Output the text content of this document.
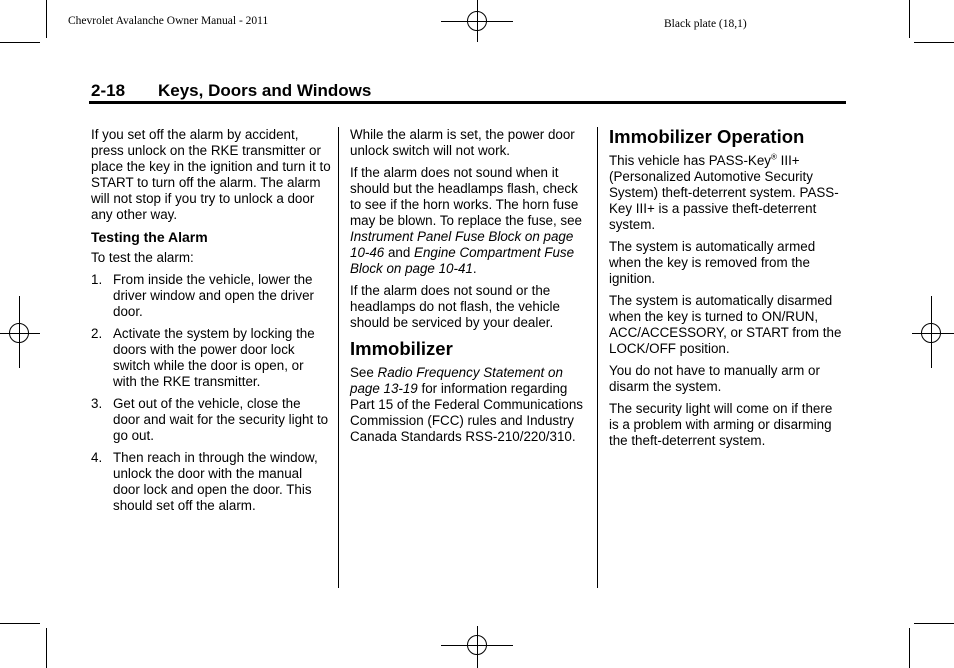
Chevrolet Avalanche Owner Manual - 2011	Black plate (18,1)
2-18 Keys, Doors and Windows

If you set off the alarm by accident, press unlock on the RKE transmitter or place the key in the ignition and turn it to START to turn off the alarm. The alarm will not stop if you try to unlock a door any other way.

Testing the Alarm

To test the alarm:

1. From inside the vehicle, lower the driver window and open the driver door.
2. Activate the system by locking the doors with the power door lock switch while the door is open, or with the RKE transmitter.
3. Get out of the vehicle, close the door and wait for the security light to go out.
4. Then reach in through the window, unlock the door with the manual door lock and open the door. This should set off the alarm.

While the alarm is set, the power door unlock switch will not work.

If the alarm does not sound when it should but the headlamps flash, check to see if the horn works. The horn fuse may be blown. To replace the fuse, see Instrument Panel Fuse Block on page 10-46 and Engine Compartment Fuse Block on page 10-41.

If the alarm does not sound or the headlamps do not flash, the vehicle should be serviced by your dealer.

Immobilizer

See Radio Frequency Statement on page 13-19 for information regarding Part 15 of the Federal Communications Commission (FCC) rules and Industry Canada Standards RSS-210/220/310.

Immobilizer Operation

This vehicle has PASS-Key® III+ (Personalized Automotive Security System) theft-deterrent system. PASS-Key III+ is a passive theft-deterrent system.

The system is automatically armed when the key is removed from the ignition.

The system is automatically disarmed when the key is turned to ON/RUN, ACC/ACCESSORY, or START from the LOCK/OFF position.

You do not have to manually arm or disarm the system.

The security light will come on if there is a problem with arming or disarming the theft-deterrent system.
